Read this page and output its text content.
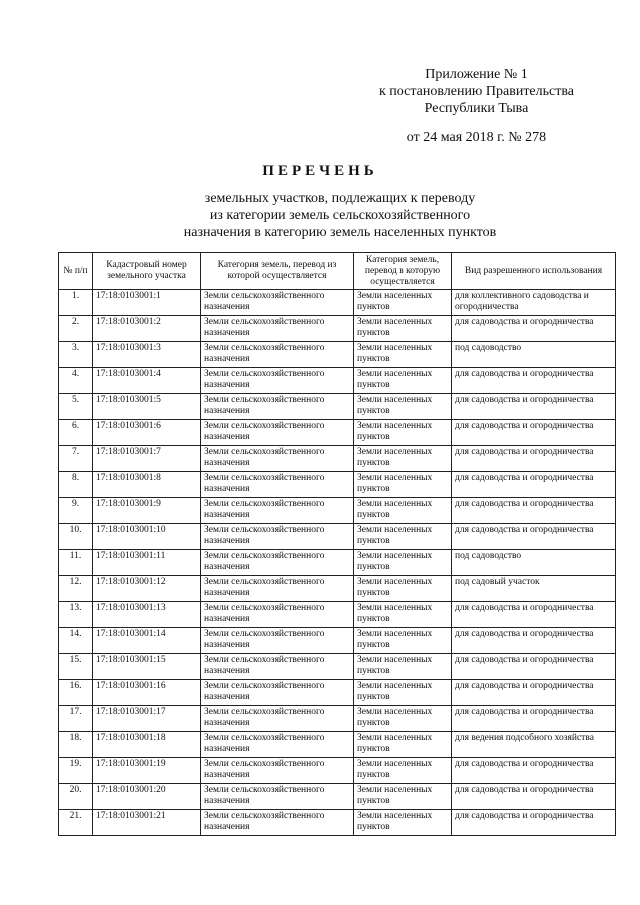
Приложение № 1
к постановлению Правительства
Республики Тыва
от 24 мая 2018 г. № 278
ПЕРЕЧЕНЬ
земельных участков, подлежащих к переводу
из категории земель сельскохозяйственного
назначения в категорию земель населенных пунктов
№ п/п	Кадастровый номер земельного участка	Категория земель, перевод из которой осуществляется	Категория земель, перевод в которую осуществляется	Вид разрешенного использования
1.	17:18:0103001:1	Земли сельскохозяйственного назначения	Земли населенных пунктов	для коллективного садоводства и огородничества
2.	17:18:0103001:2	Земли сельскохозяйственного назначения	Земли населенных пунктов	для садоводства и огородничества
3.	17:18:0103001:3	Земли сельскохозяйственного назначения	Земли населенных пунктов	под садоводство
4.	17:18:0103001:4	Земли сельскохозяйственного назначения	Земли населенных пунктов	для садоводства и огородничества
5.	17:18:0103001:5	Земли сельскохозяйственного назначения	Земли населенных пунктов	для садоводства и огородничества
6.	17:18:0103001:6	Земли сельскохозяйственного назначения	Земли населенных пунктов	для садоводства и огородничества
7.	17:18:0103001:7	Земли сельскохозяйственного назначения	Земли населенных пунктов	для садоводства и огородничества
8.	17:18:0103001:8	Земли сельскохозяйственного назначения	Земли населенных пунктов	для садоводства и огородничества
9.	17:18:0103001:9	Земли сельскохозяйственного назначения	Земли населенных пунктов	для садоводства и огородничества
10.	17:18:0103001:10	Земли сельскохозяйственного назначения	Земли населенных пунктов	для садоводства и огородничества
11.	17:18:0103001:11	Земли сельскохозяйственного назначения	Земли населенных пунктов	под садоводство
12.	17:18:0103001:12	Земли сельскохозяйственного назначения	Земли населенных пунктов	под садовый участок
13.	17:18:0103001:13	Земли сельскохозяйственного назначения	Земли населенных пунктов	для садоводства и огородничества
14.	17:18:0103001:14	Земли сельскохозяйственного назначения	Земли населенных пунктов	для садоводства и огородничества
15.	17:18:0103001:15	Земли сельскохозяйственного назначения	Земли населенных пунктов	для садоводства и огородничества
16.	17:18:0103001:16	Земли сельскохозяйственного назначения	Земли населенных пунктов	для садоводства и огородничества
17.	17:18:0103001:17	Земли сельскохозяйственного назначения	Земли населенных пунктов	для садоводства и огородничества
18.	17:18:0103001:18	Земли сельскохозяйственного назначения	Земли населенных пунктов	для ведения подсобного хозяйства
19.	17:18:0103001:19	Земли сельскохозяйственного назначения	Земли населенных пунктов	для садоводства и огородничества
20.	17:18:0103001:20	Земли сельскохозяйственного назначения	Земли населенных пунктов	для садоводства и огородничества
21.	17:18:0103001:21	Земли сельскохозяйственного назначения	Земли населенных пунктов	для садоводства и огородничества
